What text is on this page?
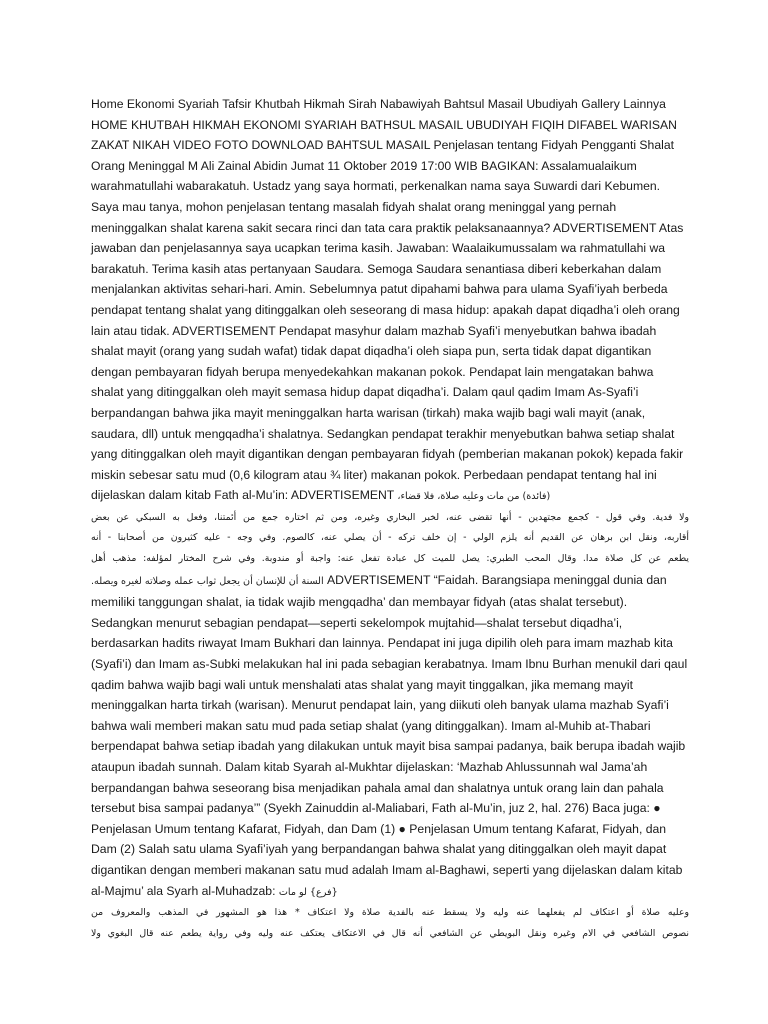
Home Ekonomi Syariah Tafsir Khutbah Hikmah Sirah Nabawiyah Bahtsul Masail Ubudiyah Gallery Lainnya HOME KHUTBAH HIKMAH EKONOMI SYARIAH BATHSUL MASAIL UBUDIYAH FIQIH DIFABEL WARISAN ZAKAT NIKAH VIDEO FOTO DOWNLOAD BAHTSUL MASAIL Penjelasan tentang Fidyah Pengganti Shalat Orang Meninggal M Ali Zainal Abidin Jumat 11 Oktober 2019 17:00 WIB BAGIKAN: Assalamualaikum warahmatullahi wabarakatuh. Ustadz yang saya hormati, perkenalkan nama saya Suwardi dari Kebumen. Saya mau tanya, mohon penjelasan tentang masalah fidyah shalat orang meninggal yang pernah meninggalkan shalat karena sakit secara rinci dan tata cara praktik pelaksanaannya? ADVERTISEMENT Atas jawaban dan penjelasannya saya ucapkan terima kasih. Jawaban: Waalaikumussalam wa rahmatullahi wa barakatuh. Terima kasih atas pertanyaan Saudara. Semoga Saudara senantiasa diberi keberkahan dalam menjalankan aktivitas sehari-hari. Amin. Sebelumnya patut dipahami bahwa para ulama Syafi’iyah berbeda pendapat tentang shalat yang ditinggalkan oleh seseorang di masa hidup: apakah dapat diqadha’i oleh orang lain atau tidak. ADVERTISEMENT Pendapat masyhur dalam mazhab Syafi’i menyebutkan bahwa ibadah shalat mayit (orang yang sudah wafat) tidak dapat diqadha’i oleh siapa pun, serta tidak dapat digantikan dengan pembayaran fidyah berupa menyedekahkan makanan pokok. Pendapat lain mengatakan bahwa shalat yang ditinggalkan oleh mayit semasa hidup dapat diqadha’i. Dalam qaul qadim Imam As-Syafi’i berpandangan bahwa jika mayit meninggalkan harta warisan (tirkah) maka wajib bagi wali mayit (anak, saudara, dll) untuk mengqadha’i shalatnya. Sedangkan pendapat terakhir menyebutkan bahwa setiap shalat yang ditinggalkan oleh mayit digantikan dengan pembayaran fidyah (pemberian makanan pokok) kepada fakir miskin sebesar satu mud (0,6 kilogram atau ¾ liter) makanan pokok. Perbedaan pendapat tentang hal ini dijelaskan dalam kitab Fath al-Mu’in: ADVERTISEMENT (فائدة) من مات وعليه صلاة، فلا قضاء،

ولا فدية. وفي قول - كجمع مجتهدين - أنها تقضى عنه، لخبر البخاري وغيره، ومن ثم اختاره جمع من أئمتنا، وفعل به السبكي عن بعض
أقاربه، ونقل ابن برهان عن القديم أنه يلزم الولي - إن خلف تركه - أن يصلي عنه، كالصوم. وفي وجه - عليه كثيرون من أصحابنا - أنه
يطعم عن كل صلاة مدا. وقال المحب الطبري: يصل للميت كل عبادة تفعل عنه: واجبة أو مندوبة. وفي شرح المختار لمؤلفه: مذهب أهل

السنة أن للإنسان أن يجعل ثواب عمله وصلاته لغيره ويصله. ADVERTISEMENT “Faidah. Barangsiapa meninggal dunia dan memiliki tanggungan shalat, ia tidak wajib mengqadha’ dan membayar fidyah (atas shalat tersebut). Sedangkan menurut sebagian pendapat—seperti sekelompok mujtahid—shalat tersebut diqadha’i, berdasarkan hadits riwayat Imam Bukhari dan lainnya. Pendapat ini juga dipilih oleh para imam mazhab kita (Syafi’i) dan Imam as-Subki melakukan hal ini pada sebagian kerabatnya. Imam Ibnu Burhan menukil dari qaul qadim bahwa wajib bagi wali untuk menshalati atas shalat yang mayit tinggalkan, jika memang mayit meninggalkan harta tirkah (warisan). Menurut pendapat lain, yang diikuti oleh banyak ulama mazhab Syafi’i bahwa wali memberi makan satu mud pada setiap shalat (yang ditinggalkan). Imam al-Muhib at-Thabari berpendapat bahwa setiap ibadah yang dilakukan untuk mayit bisa sampai padanya, baik berupa ibadah wajib ataupun ibadah sunnah. Dalam kitab Syarah al-Mukhtar dijelaskan: ‘Mazhab Ahlussunnah wal Jama’ah berpandangan bahwa seseorang bisa menjadikan pahala amal dan shalatnya untuk orang lain dan pahala tersebut bisa sampai padanya’” (Syekh Zainuddin al-Maliabari, Fath al-Mu’in, juz 2, hal. 276) Baca juga: ● Penjelasan Umum tentang Kafarat, Fidyah, dan Dam (1) ● Penjelasan Umum tentang Kafarat, Fidyah, dan Dam (2) Salah satu ulama Syafi’iyah yang berpandangan bahwa shalat yang ditinggalkan oleh mayit dapat digantikan dengan memberi makanan satu mud adalah Imam al-Baghawi, seperti yang dijelaskan dalam kitab al-Majmu’ ala Syarh al-Muhadzab: {فرع} لو مات

وعليه صلاة أو اعتكاف لم يفعلهما عنه وليه ولا يسقط عنه بالفدية صلاة ولا اعتكاف * هذا هو المشهور في المذهب والمعروف من
نصوص الشافعي في الام وغيره ونقل البويطي عن الشافعي أنه قال في الاعتكاف يعتكف عنه وليه وفي رواية يطعم عنه قال البغوي ولا
